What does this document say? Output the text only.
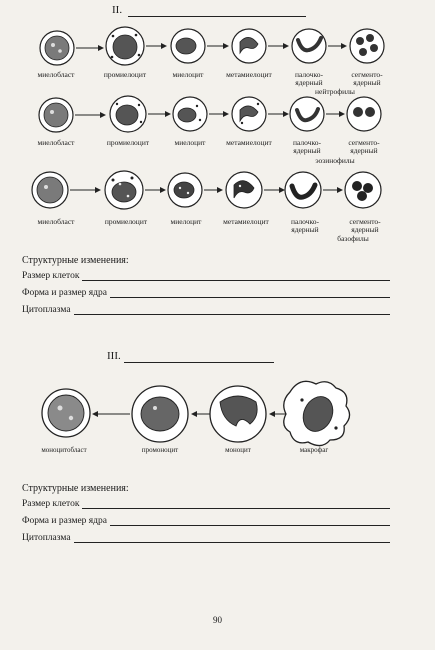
II.
миелобласт	промиелоцит	миелоцит	метамиелоцит	палочко-
ядерный
сегменто-
ядерный
нейтрофилы
миелобласт	промиелоцит	миелоцит	метамиелоцит	палочко-
ядерный
сегменто-
ядерный
эозинофилы
миелобласт	промиелоцит	миелоцит	метамиелоцит	палочко-
ядерный
сегменто-
ядерный
базофилы
Структурные изменения:
Размер клеток
Форма и размер ядра
Цитоплазма
III.
моноцитобласт	промоноцит	моноцит	макрофаг
Структурные изменения:
Размер клеток
Форма и размер ядра
Цитоплазма
90
